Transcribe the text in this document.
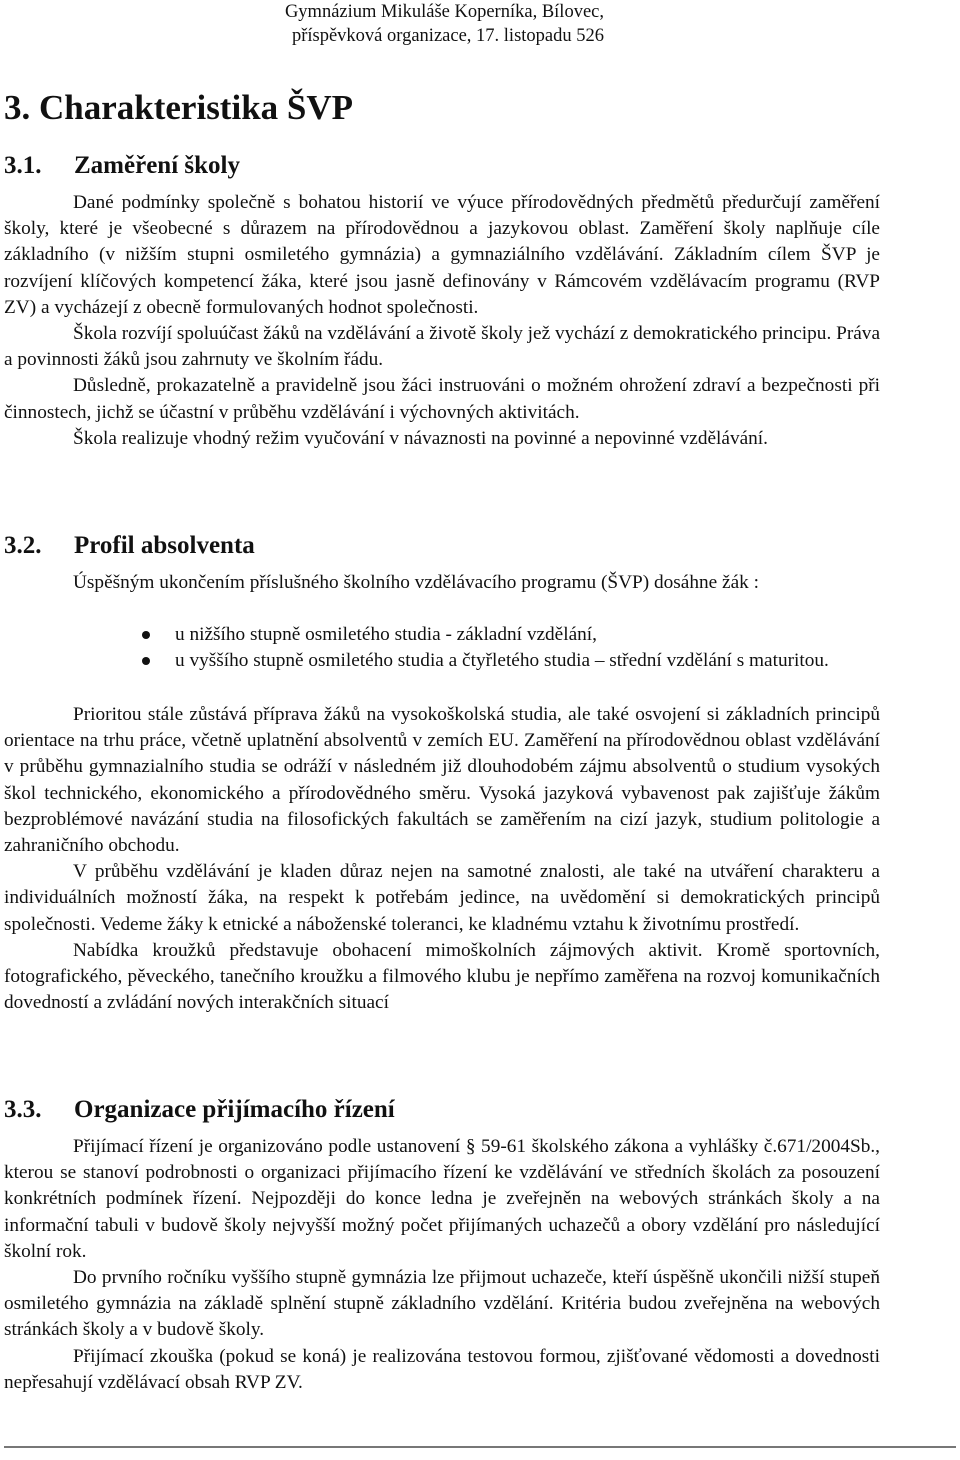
Gymnázium Mikuláše Koperníka, Bílovec,
příspěvková organizace, 17. listopadu 526
3. Charakteristika ŠVP
3.1. Zaměření školy

Dané podmínky společně s bohatou historií ve výuce přírodovědných předmětů předurčují zaměření školy, které je všeobecné s důrazem na přírodovědnou a jazykovou oblast. Zaměření školy naplňuje cíle základního (v nižším stupni osmiletého gymnázia) a gymnaziálního vzdělávání. Základním cílem ŠVP je rozvíjení klíčových kompetencí žáka, které jsou jasně definovány v Rámcovém vzdělávacím programu (RVP ZV) a vycházejí z obecně formulovaných hodnot společnosti.

Škola rozvíjí spoluúčast žáků na vzdělávání a životě školy jež vychází z demokratického principu. Práva a povinnosti žáků jsou zahrnuty ve školním řádu.

Důsledně, prokazatelně a pravidelně jsou žáci instruováni o možném ohrožení zdraví a bezpečnosti při činnostech, jichž se účastní v průběhu vzdělávání i výchovných aktivitách.

Škola realizuje vhodný režim vyučování v návaznosti na povinné a nepovinné vzdělávání.

3.2. Profil absolventa

Úspěšným ukončením příslušného školního vzdělávacího programu (ŠVP) dosáhne žák :

u nižšího stupně osmiletého studia - základní vzdělání,
u vyššího stupně osmiletého studia a čtyřletého studia – střední vzdělání s maturitou.

Prioritou stále zůstává příprava žáků na vysokoškolská studia, ale také osvojení si základních principů orientace na trhu práce, včetně uplatnění absolventů v zemích EU. Zaměření na přírodovědnou oblast vzdělávání v průběhu gymnazialního studia se odráží v následném již dlouhodobém zájmu absolventů o studium vysokých škol technického, ekonomického a přírodovědného směru. Vysoká jazyková vybavenost pak zajišťuje žákům bezproblémové navázání studia na filosofických fakultách se zaměřením na cizí jazyk, studium politologie a zahraničního obchodu.

V průběhu vzdělávání je kladen důraz nejen na samotné znalosti, ale také na utváření charakteru a individuálních možností žáka, na respekt k potřebám jedince, na uvědomění si demokratických principů společnosti. Vedeme žáky k etnické a náboženské toleranci, ke kladnému vztahu k životnímu prostředí.

Nabídka kroužků představuje obohacení mimoškolních zájmových aktivit. Kromě sportovních, fotografického, pěveckého, tanečního kroužku a filmového klubu je nepřímo zaměřena na rozvoj komunikačních dovedností a zvládání nových interakčních situací

3.3. Organizace přijímacího řízení

Přijímací řízení je organizováno podle ustanovení § 59-61 školského zákona a vyhlášky č.671/2004Sb., kterou se stanoví podrobnosti o organizaci přijímacího řízení ke vzdělávání ve středních školách za posouzení konkrétních podmínek řízení. Nejpozději do konce ledna je zveřejněn na webových stránkách školy a na informační tabuli v budově školy nejvyšší možný počet přijímaných uchazečů a obory vzdělání pro následující školní rok.

Do prvního ročníku vyššího stupně gymnázia lze přijmout uchazeče, kteří úspěšně ukončili nižší stupeň osmiletého gymnázia na základě splnění stupně základního vzdělání. Kritéria budou zveřejněna na webových stránkách školy a v budově školy.

Přijímací zkouška (pokud se koná) je realizována testovou formou, zjišťované vědomosti a dovednosti nepřesahují vzdělávací obsah RVP ZV.
